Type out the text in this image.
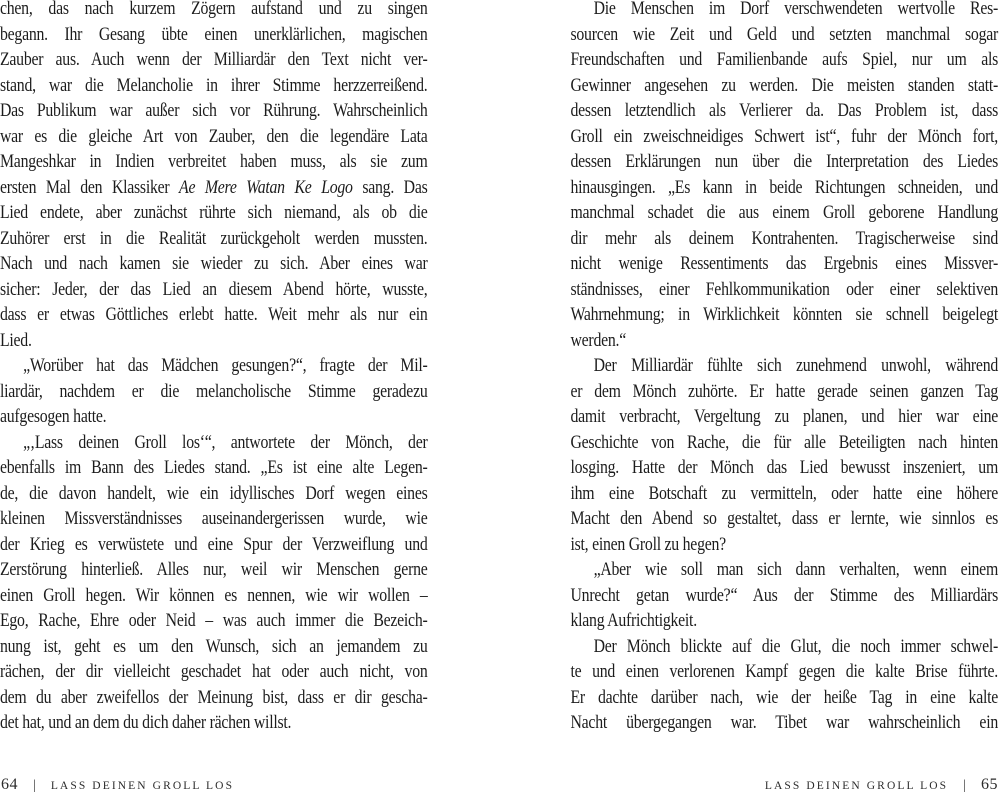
chen, das nach kurzem Zögern aufstand und zu singen
begann. Ihr Gesang übte einen unerklärlichen, magischen
Zauber aus. Auch wenn der Milliardär den Text nicht ver-
stand, war die Melancholie in ihrer Stimme herzzerreißend.
Das Publikum war außer sich vor Rührung. Wahrscheinlich
war es die gleiche Art von Zauber, den die legendäre Lata
Mangeshkar in Indien verbreitet haben muss, als sie zum
ersten Mal den Klassiker Ae Mere Watan Ke Logo sang. Das
Lied endete, aber zunächst rührte sich niemand, als ob die
Zuhörer erst in die Realität zurückgeholt werden mussten.
Nach und nach kamen sie wieder zu sich. Aber eines war
sicher: Jeder, der das Lied an diesem Abend hörte, wusste,
dass er etwas Göttliches erlebt hatte. Weit mehr als nur ein
Lied.
„Worüber hat das Mädchen gesungen?“, fragte der Mil-
liardär, nachdem er die melancholische Stimme geradezu
aufgesogen hatte.
„‚Lass deinen Groll los‘“, antwortete der Mönch, der
ebenfalls im Bann des Liedes stand. „Es ist eine alte Legen-
de, die davon handelt, wie ein idyllisches Dorf wegen eines
kleinen Missverständnisses auseinandergerissen wurde, wie
der Krieg es verwüstete und eine Spur der Verzweiflung und
Zerstörung hinterließ. Alles nur, weil wir Menschen gerne
einen Groll hegen. Wir können es nennen, wie wir wollen –
Ego, Rache, Ehre oder Neid – was auch immer die Bezeich-
nung ist, geht es um den Wunsch, sich an jemandem zu
rächen, der dir vielleicht geschadet hat oder auch nicht, von
dem du aber zweifellos der Meinung bist, dass er dir gescha-
det hat, und an dem du dich daher rächen willst.
Die Menschen im Dorf verschwendeten wertvolle Res-
sourcen wie Zeit und Geld und setzten manchmal sogar
Freundschaften und Familienbande aufs Spiel, nur um als
Gewinner angesehen zu werden. Die meisten standen statt-
dessen letztendlich als Verlierer da. Das Problem ist, dass
Groll ein zweischneidiges Schwert ist“, fuhr der Mönch fort,
dessen Erklärungen nun über die Interpretation des Liedes
hinausgingen. „Es kann in beide Richtungen schneiden, und
manchmal schadet die aus einem Groll geborene Handlung
dir mehr als deinem Kontrahenten. Tragischerweise sind
nicht wenige Ressentiments das Ergebnis eines Missver-
ständnisses, einer Fehlkommunikation oder einer selektiven
Wahrnehmung; in Wirklichkeit könnten sie schnell beigelegt
werden.“
Der Milliardär fühlte sich zunehmend unwohl, während
er dem Mönch zuhörte. Er hatte gerade seinen ganzen Tag
damit verbracht, Vergeltung zu planen, und hier war eine
Geschichte von Rache, die für alle Beteiligten nach hinten
losging. Hatte der Mönch das Lied bewusst inszeniert, um
ihm eine Botschaft zu vermitteln, oder hatte eine höhere
Macht den Abend so gestaltet, dass er lernte, wie sinnlos es
ist, einen Groll zu hegen?
„Aber wie soll man sich dann verhalten, wenn einem
Unrecht getan wurde?“ Aus der Stimme des Milliardärs
klang Aufrichtigkeit.
Der Mönch blickte auf die Glut, die noch immer schwel-
te und einen verlorenen Kampf gegen die kalte Brise führte.
Er dachte darüber nach, wie der heiße Tag in eine kalte
Nacht übergegangen war. Tibet war wahrscheinlich ein
64 | LASS DEINEN GROLL LOS	LASS DEINEN GROLL LOS | 65
